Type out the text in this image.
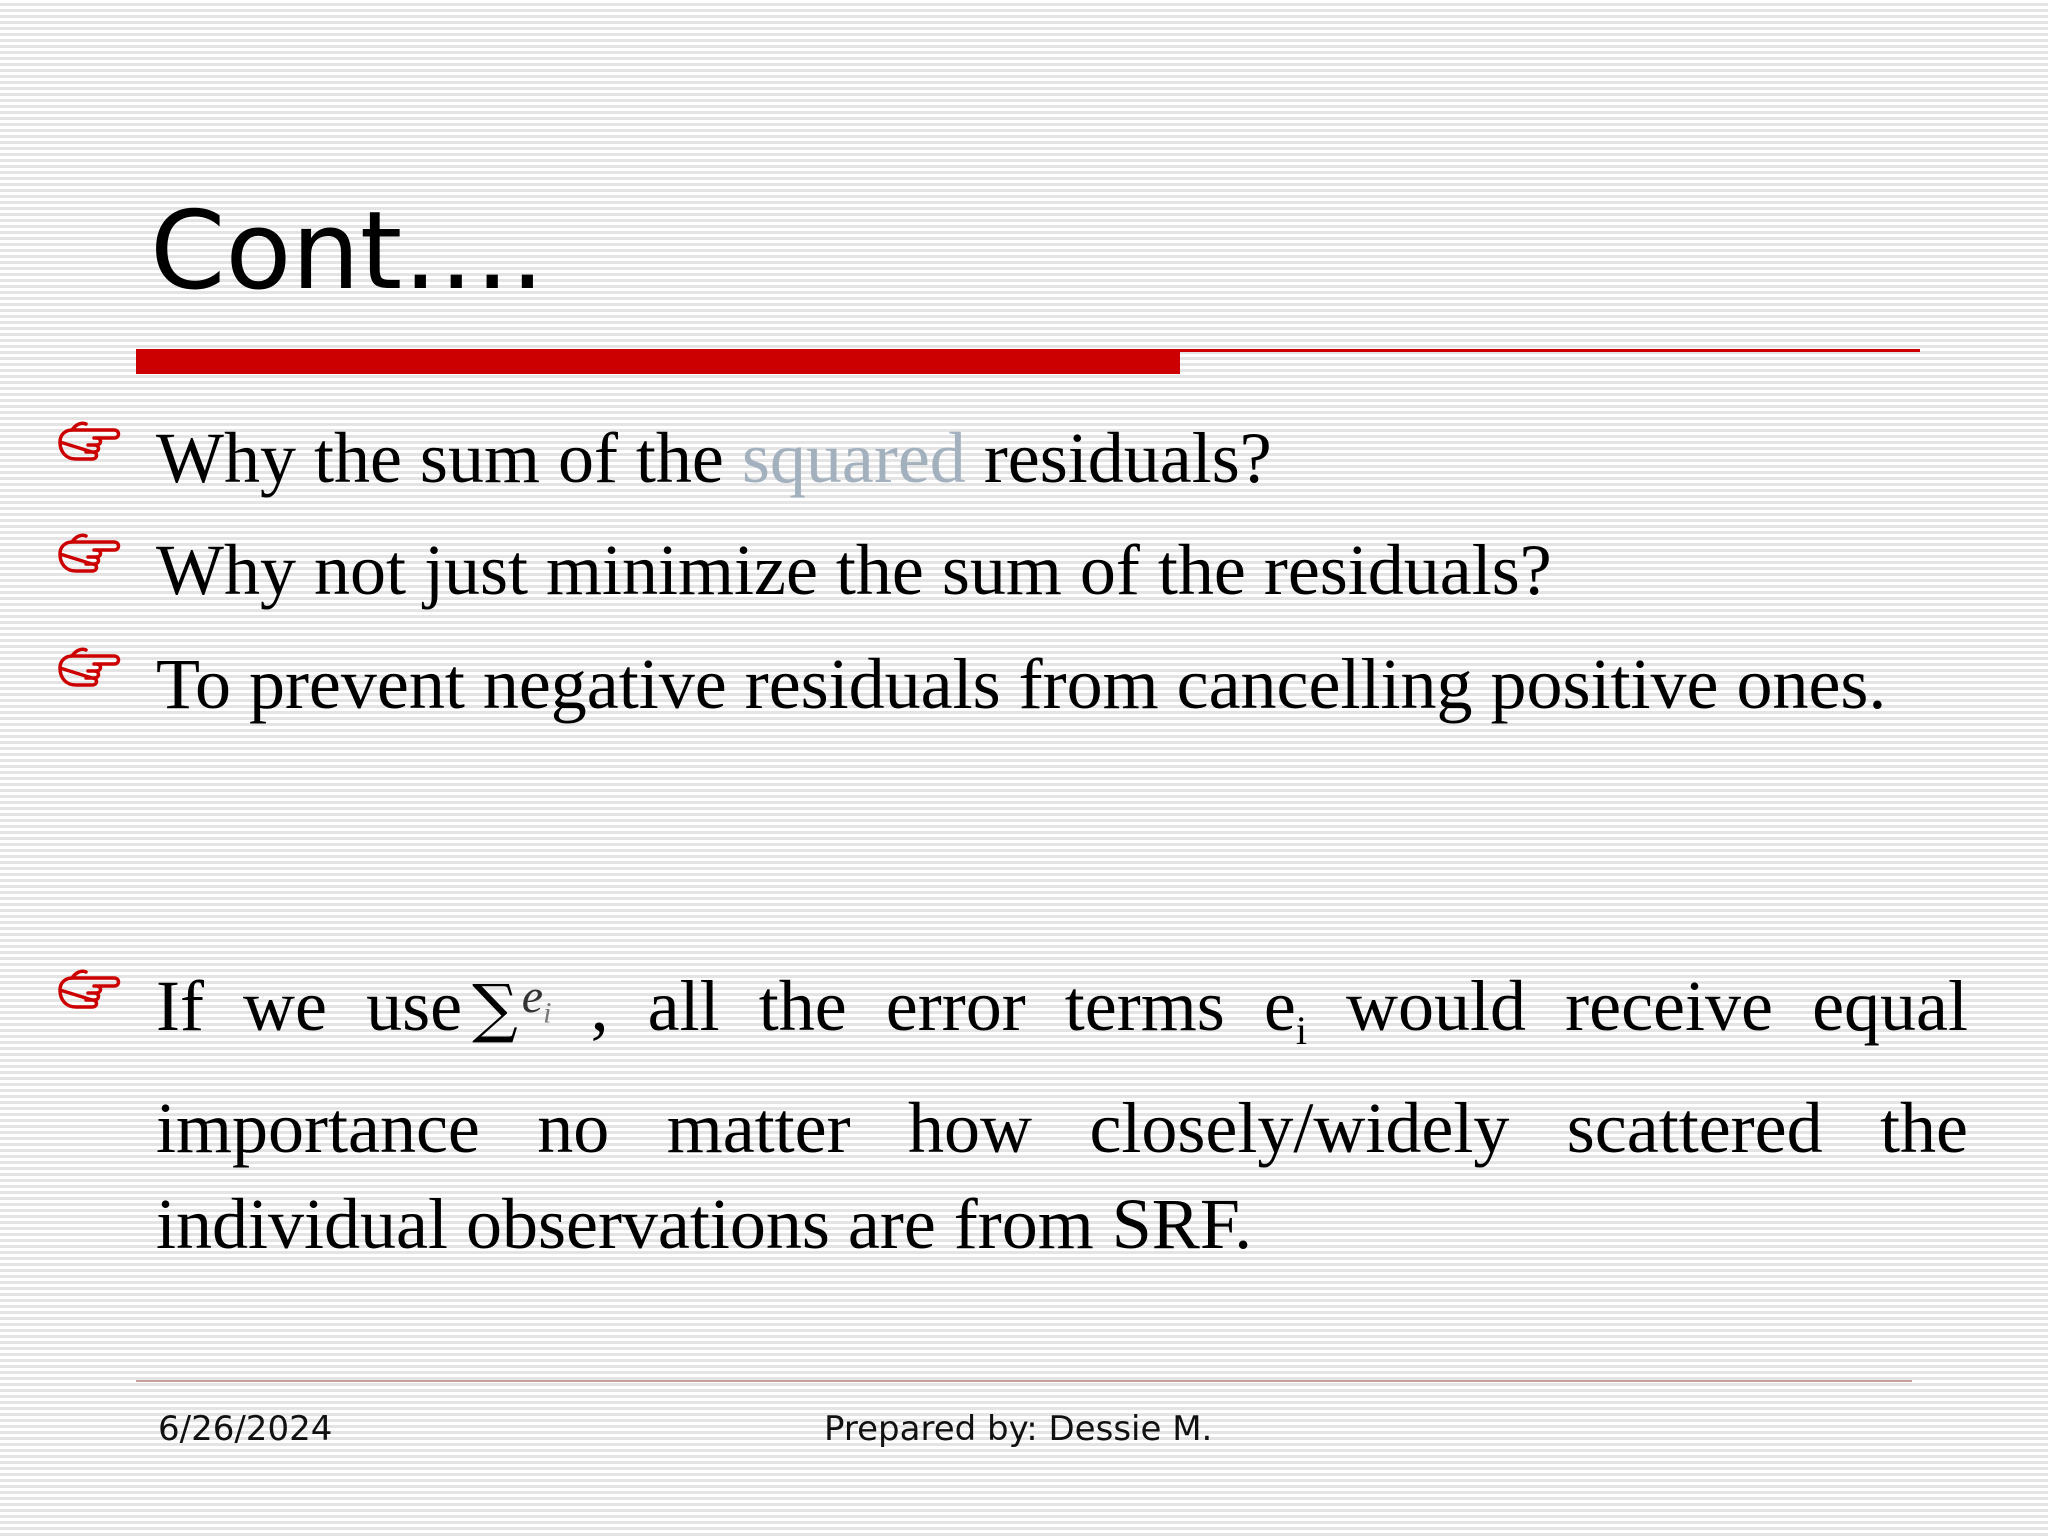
Cont….
Why the sum of the squared residuals?
Why not just minimize the sum of the residuals?
To prevent negative residuals from cancelling positive ones.
If we use ∑$^{e_i}$ , all the error terms ei would receive equal importance no matter how closely/widely scattered the individual observations are from SRF.
6/26/2024	Prepared by: Dessie M.
